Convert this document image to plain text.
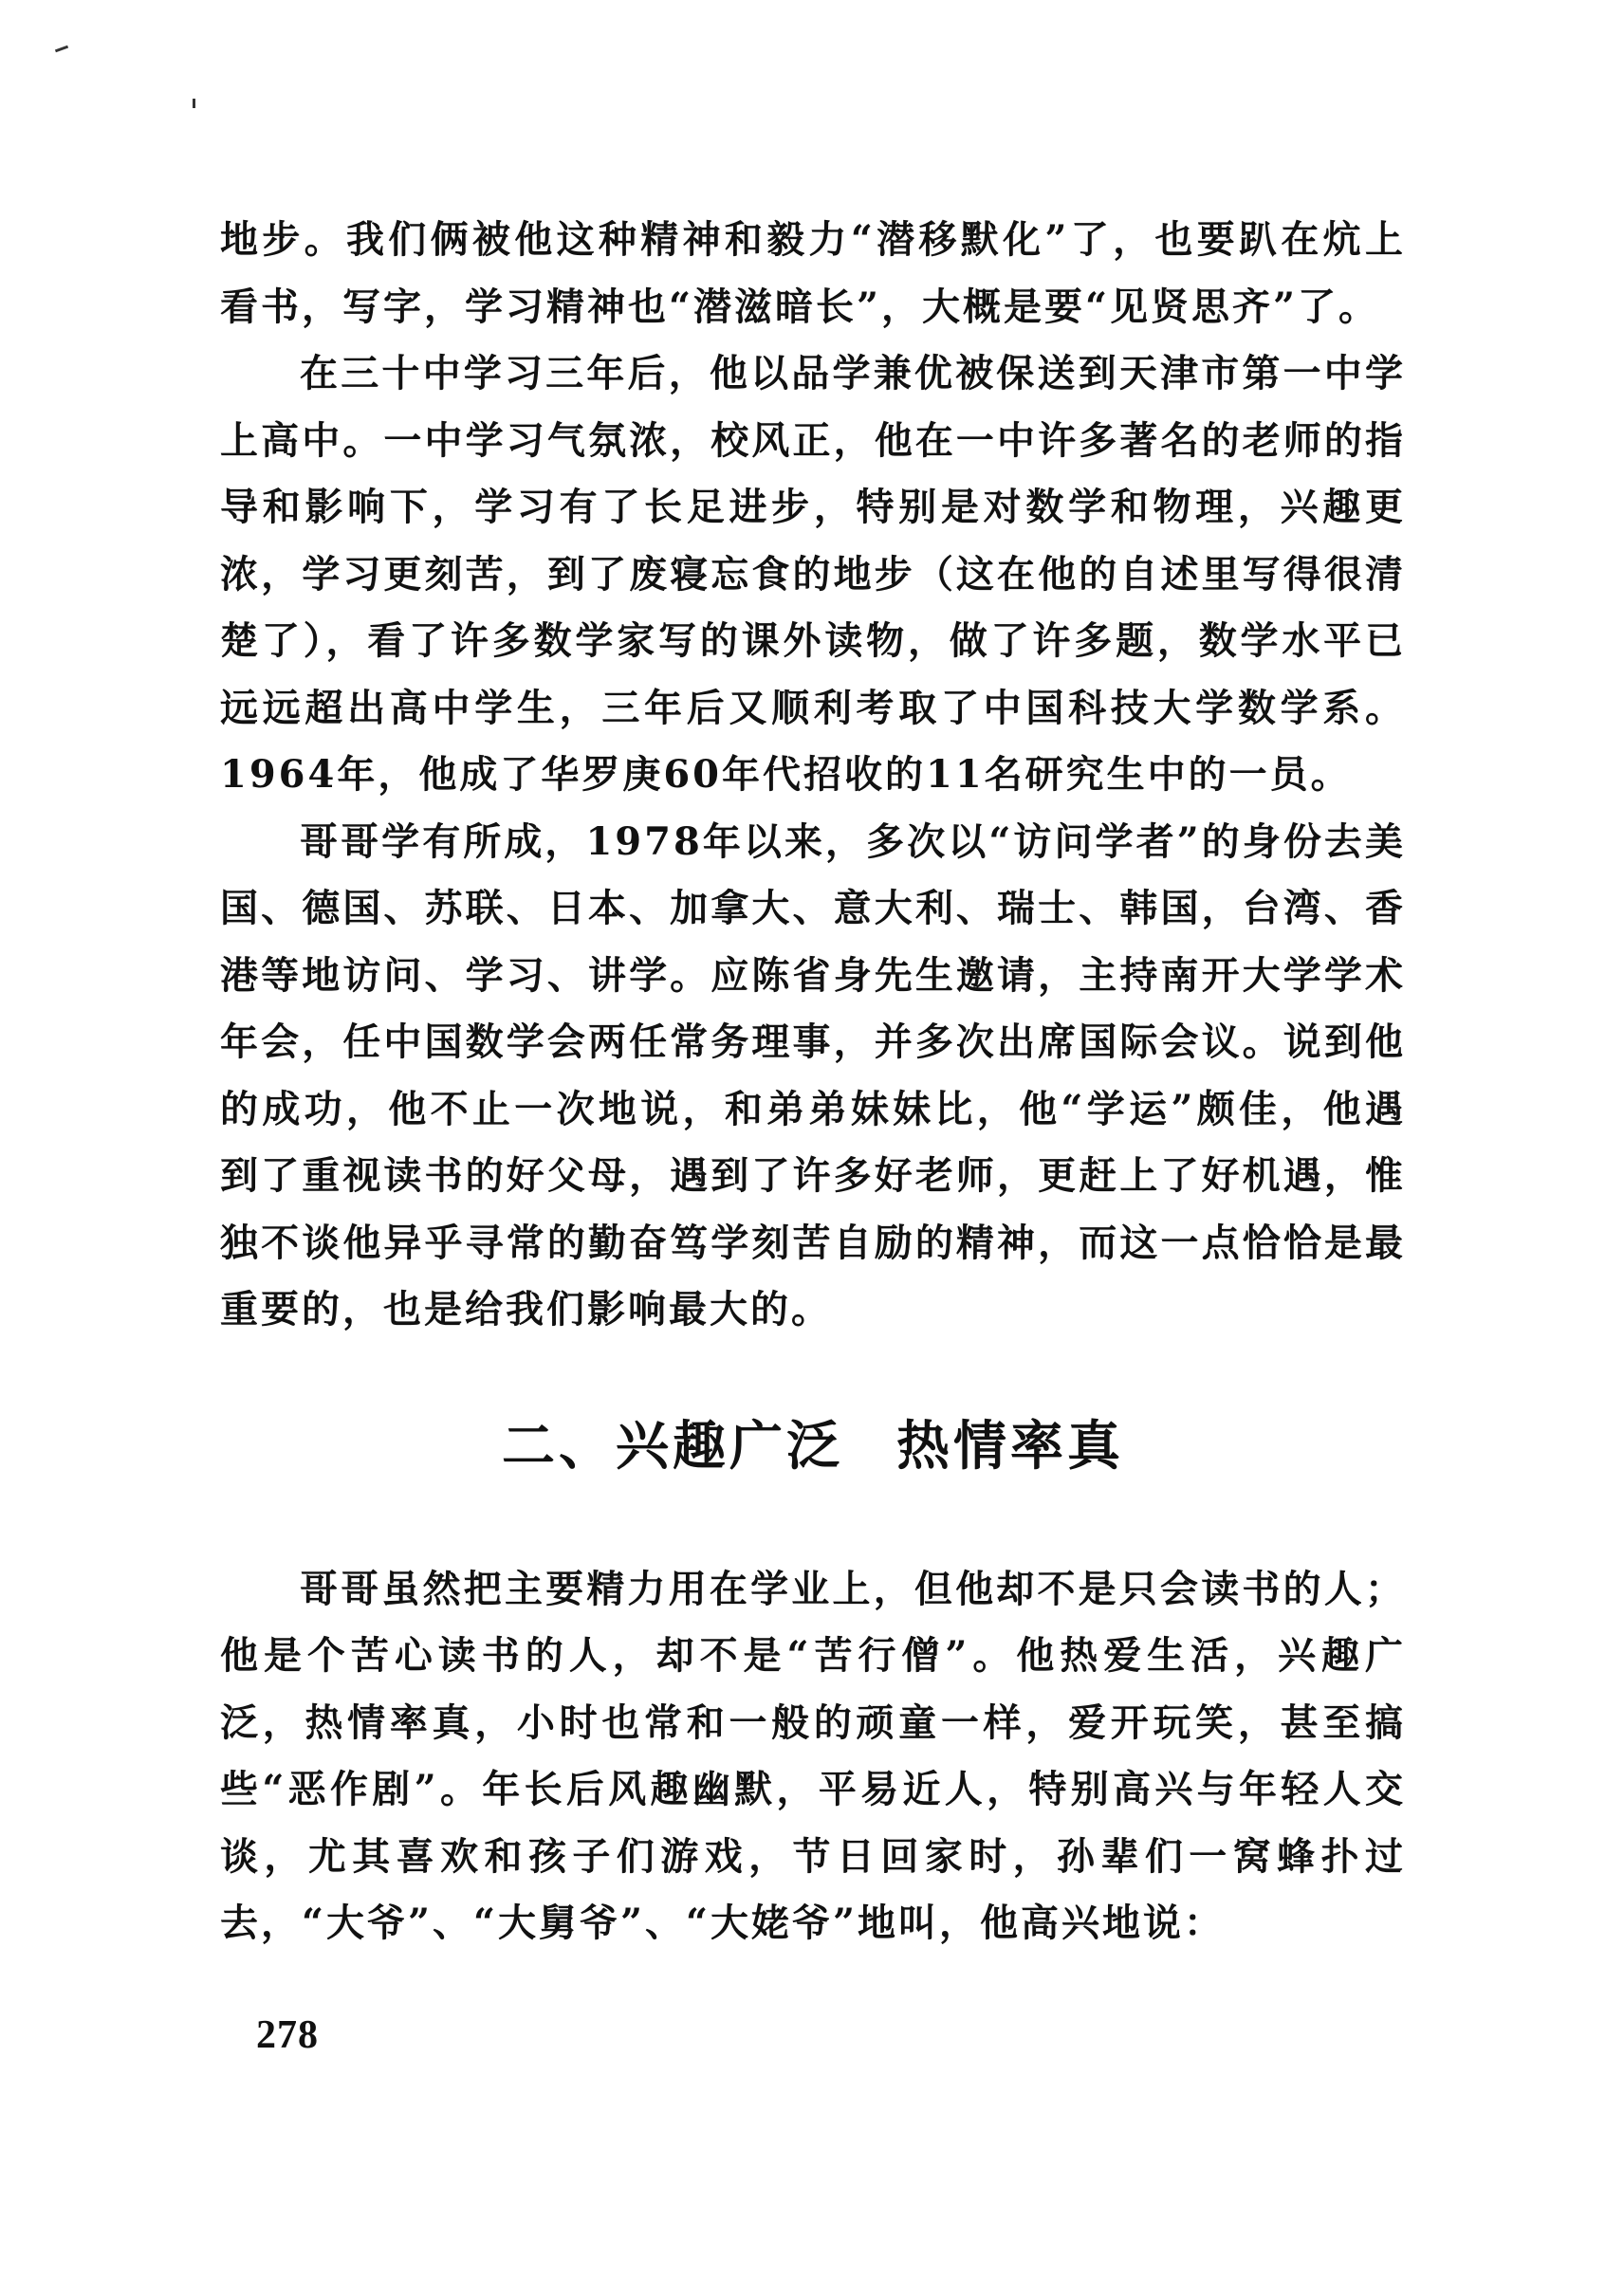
地步。我们俩被他这种精神和毅力“潜移默化”了，也要趴在炕上看书，写字，学习精神也“潜滋暗长”，大概是要“见贤思齐”了。

在三十中学习三年后，他以品学兼优被保送到天津市第一中学上高中。一中学习气氛浓，校风正，他在一中许多著名的老师的指导和影响下，学习有了长足进步，特别是对数学和物理，兴趣更浓，学习更刻苦，到了废寝忘食的地步（这在他的自述里写得很清楚了），看了许多数学家写的课外读物，做了许多题，数学水平已远远超出高中学生，三年后又顺利考取了中国科技大学数学系。1964年，他成了华罗庚60年代招收的11名研究生中的一员。

哥哥学有所成，1978年以来，多次以“访问学者”的身份去美国、德国、苏联、日本、加拿大、意大利、瑞士、韩国，台湾、香港等地访问、学习、讲学。应陈省身先生邀请，主持南开大学学术年会，任中国数学会两任常务理事，并多次出席国际会议。说到他的成功，他不止一次地说，和弟弟妹妹比，他“学运”颇佳，他遇到了重视读书的好父母，遇到了许多好老师，更赶上了好机遇，惟独不谈他异乎寻常的勤奋笃学刻苦自励的精神，而这一点恰恰是最重要的，也是给我们影响最大的。

二、兴趣广泛 热情率真

哥哥虽然把主要精力用在学业上，但他却不是只会读书的人；他是个苦心读书的人，却不是“苦行僧”。他热爱生活，兴趣广泛，热情率真，小时也常和一般的顽童一样，爱开玩笑，甚至搞些“恶作剧”。年长后风趣幽默，平易近人，特别高兴与年轻人交谈，尤其喜欢和孩子们游戏，节日回家时，孙辈们一窝蜂扑过去，“大爷”、“大舅爷”、“大姥爷”地叫，他高兴地说：

278
